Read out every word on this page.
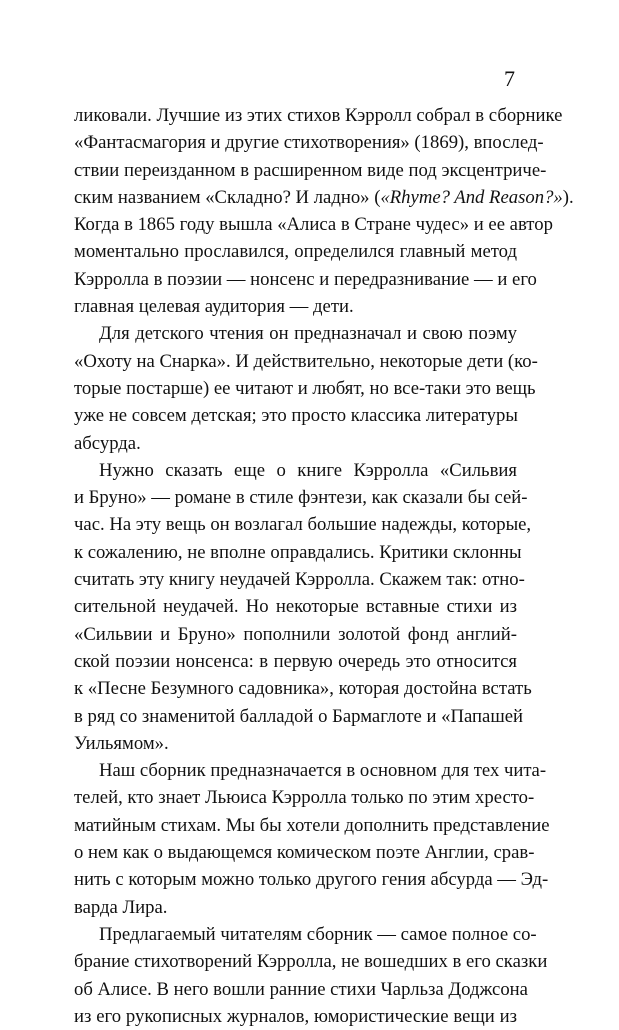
7
ликовали. Лучшие из этих стихов Кэрролл собрал в сборнике
«Фантасмагория и другие стихотворения» (1869), впослед-
ствии переизданном в расширенном виде под эксцентриче-
ским названием «Складно? И ладно» («Rhyme? And Reason?»).
Когда в 1865 году вышла «Алиса в Стране чудес» и ее автор
моментально прославился, определился главный метод
Кэрролла в поэзии — нонсенс и передразнивание — и его
главная целевая аудитория — дети.
Для детского чтения он предназначал и свою поэму
«Охоту на Снарка». И действительно, некоторые дети (ко-
торые постарше) ее читают и любят, но все-таки это вещь
уже не совсем детская; это просто классика литературы
абсурда.
Нужно сказать еще о книге Кэрролла «Сильвия
и Бруно» — романе в стиле фэнтези, как сказали бы сей-
час. На эту вещь он возлагал большие надежды, которые,
к сожалению, не вполне оправдались. Критики склонны
считать эту книгу неудачей Кэрролла. Скажем так: отно-
сительной неудачей. Но некоторые вставные стихи из
«Сильвии и Бруно» пополнили золотой фонд англий-
ской поэзии нонсенса: в первую очередь это относится
к «Песне Безумного садовника», которая достойна встать
в ряд со знаменитой балладой о Бармаглоте и «Папашей
Уильямом».
Наш сборник предназначается в основном для тех читa-
телей, кто знает Льюиса Кэрролла только по этим хресто-
матийным стихам. Мы бы хотели дополнить представление
о нем как о выдающемся комическом поэте Англии, срав-
нить с которым можно только другого гения абсурда — Эд-
варда Лира.
Предлагаемый читателям сборник — самое полное со-
брание стихотворений Кэрролла, не вошедших в его сказки
об Алисе. В него вошли ранние стихи Чарльза Доджсона
из его рукописных журналов, юмористические вещи из
